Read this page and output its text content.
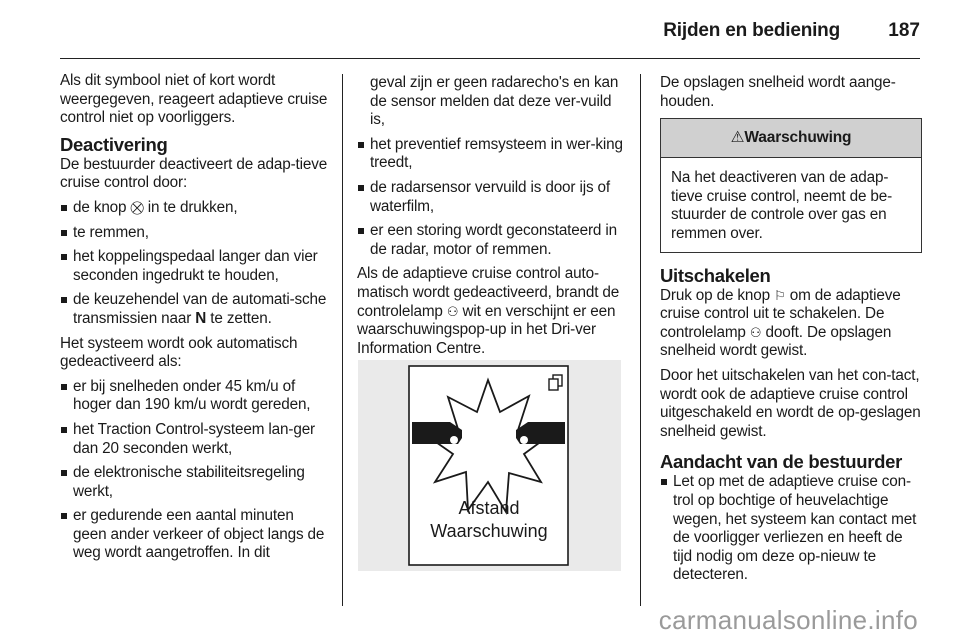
Rijden en bediening	187

Als dit symbool niet of kort wordt weergegeven, reageert adaptieve cruise control niet op voorliggers.

Deactivering

De bestuurder deactiveert de adap-tieve cruise control door:

de knop ⛒ in te drukken,
te remmen,
het koppelingspedaal langer dan vier seconden ingedrukt te houden,
de keuzehendel van de automati-sche transmissien naar N te zetten.

Het systeem wordt ook automatisch gedeactiveerd als:

er bij snelheden onder 45 km/u of hoger dan 190 km/u wordt gereden,
het Traction Control-systeem lan-ger dan 20 seconden werkt,
de elektronische stabiliteitsregeling werkt,
er gedurende een aantal minuten geen ander verkeer of object langs de weg wordt aangetroffen. In dit

geval zijn er geen radarecho's en kan de sensor melden dat deze ver-vuild is,

het preventief remsysteem in wer-king treedt,
de radarsensor vervuild is door ijs of waterfilm,
er een storing wordt geconstateerd in de radar, motor of remmen.

Als de adaptieve cruise control auto-matisch wordt gedeactiveerd, brandt de controlelamp ⚇ wit en verschijnt er een waarschuwingspop-up in het Dri-ver Information Centre.

Afstand
Waarschuwing

De opslagen snelheid wordt aange-houden.

⚠Waarschuwing
Na het deactiveren van de adap-tieve cruise control, neemt de be-stuurder de controle over gas en remmen over.
Uitschakelen

Druk op de knop ⚐ om de adaptieve cruise control uit te schakelen. De controlelamp ⚇ dooft. De opslagen snelheid wordt gewist.

Door het uitschakelen van het con-tact, wordt ook de adaptieve cruise control uitgeschakeld en wordt de op-geslagen snelheid gewist.

Aandacht van de bestuurder
Let op met de adaptieve cruise con-trol op bochtige of heuvelachtige wegen, het systeem kan contact met de voorligger verliezen en heeft de tijd nodig om deze op-nieuw te detecteren.
carmanualsonline.info
